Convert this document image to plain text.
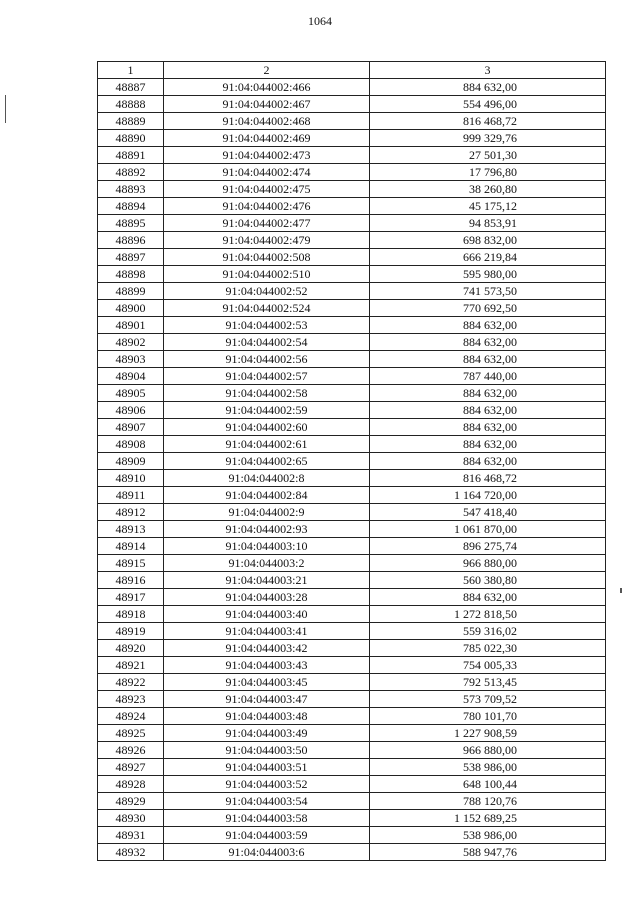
1064
1	2	3
48887	91:04:044002:466	884 632,00
48888	91:04:044002:467	554 496,00
48889	91:04:044002:468	816 468,72
48890	91:04:044002:469	999 329,76
48891	91:04:044002:473	27 501,30
48892	91:04:044002:474	17 796,80
48893	91:04:044002:475	38 260,80
48894	91:04:044002:476	45 175,12
48895	91:04:044002:477	94 853,91
48896	91:04:044002:479	698 832,00
48897	91:04:044002:508	666 219,84
48898	91:04:044002:510	595 980,00
48899	91:04:044002:52	741 573,50
48900	91:04:044002:524	770 692,50
48901	91:04:044002:53	884 632,00
48902	91:04:044002:54	884 632,00
48903	91:04:044002:56	884 632,00
48904	91:04:044002:57	787 440,00
48905	91:04:044002:58	884 632,00
48906	91:04:044002:59	884 632,00
48907	91:04:044002:60	884 632,00
48908	91:04:044002:61	884 632,00
48909	91:04:044002:65	884 632,00
48910	91:04:044002:8	816 468,72
48911	91:04:044002:84	1 164 720,00
48912	91:04:044002:9	547 418,40
48913	91:04:044002:93	1 061 870,00
48914	91:04:044003:10	896 275,74
48915	91:04:044003:2	966 880,00
48916	91:04:044003:21	560 380,80
48917	91:04:044003:28	884 632,00
48918	91:04:044003:40	1 272 818,50
48919	91:04:044003:41	559 316,02
48920	91:04:044003:42	785 022,30
48921	91:04:044003:43	754 005,33
48922	91:04:044003:45	792 513,45
48923	91:04:044003:47	573 709,52
48924	91:04:044003:48	780 101,70
48925	91:04:044003:49	1 227 908,59
48926	91:04:044003:50	966 880,00
48927	91:04:044003:51	538 986,00
48928	91:04:044003:52	648 100,44
48929	91:04:044003:54	788 120,76
48930	91:04:044003:58	1 152 689,25
48931	91:04:044003:59	538 986,00
48932	91:04:044003:6	588 947,76
